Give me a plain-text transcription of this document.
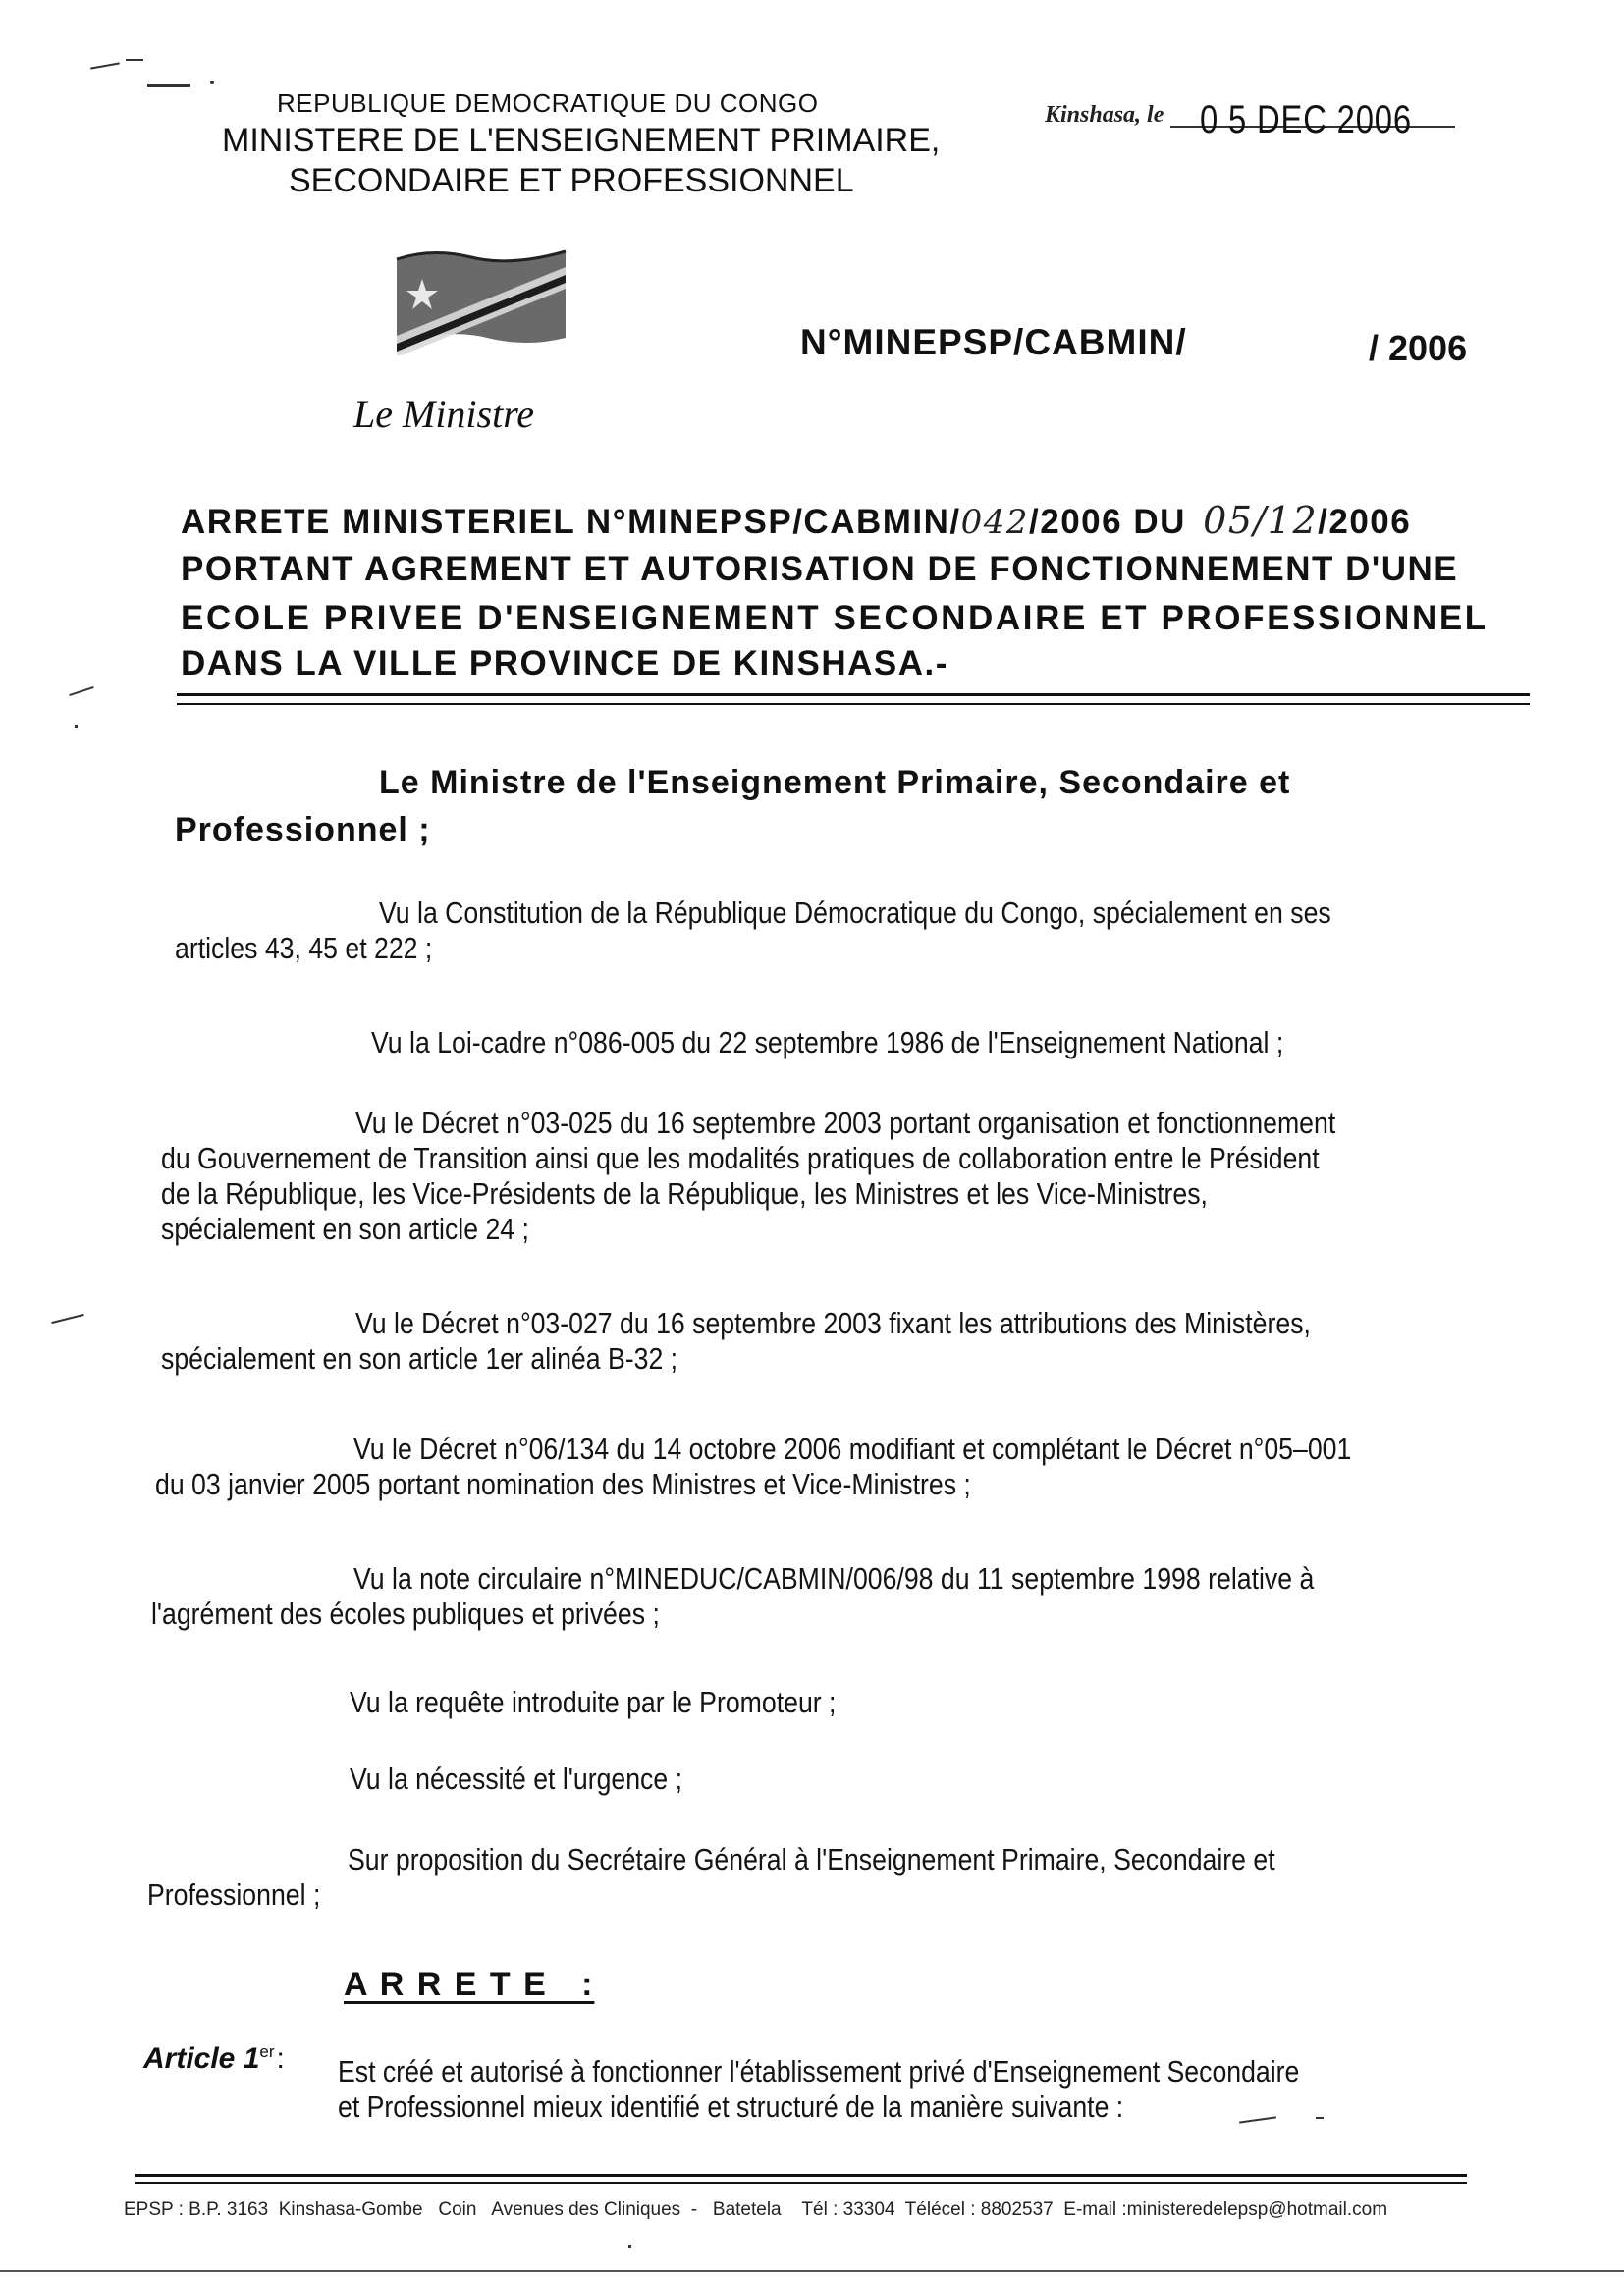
REPUBLIQUE DEMOCRATIQUE DU CONGO
MINISTERE DE L'ENSEIGNEMENT PRIMAIRE,
SECONDAIRE ET PROFESSIONNEL
Kinshasa, le 0 5 DEC 2006
N°MINEPSP/CABMIN/	/ 2006
Le Ministre
ARRETE MINISTERIEL N°MINEPSP/CABMIN/042/2006 DU 05/12/2006
PORTANT AGREMENT ET AUTORISATION DE FONCTIONNEMENT D'UNE
ECOLE PRIVEE D'ENSEIGNEMENT SECONDAIRE ET PROFESSIONNEL
DANS LA VILLE PROVINCE DE KINSHASA.-
Le Ministre de l'Enseignement Primaire, Secondaire et
Professionnel ;
Vu la Constitution de la République Démocratique du Congo, spécialement en ses
articles 43, 45 et 222 ;
Vu la Loi-cadre n°086-005 du 22 septembre 1986 de l'Enseignement National ;
Vu le Décret n°03-025 du 16 septembre 2003 portant organisation et fonctionnement
du Gouvernement de Transition ainsi que les modalités pratiques de collaboration entre le Président
de la République, les Vice-Présidents de la République, les Ministres et les Vice-Ministres,
spécialement en son article 24 ;
Vu le Décret n°03-027 du 16 septembre 2003 fixant les attributions des Ministères,
spécialement en son article 1er alinéa B-32 ;
Vu le Décret n°06/134 du 14 octobre 2006 modifiant et complétant le Décret n°05–001
du 03 janvier 2005 portant nomination des Ministres et Vice-Ministres ;
Vu la note circulaire n°MINEDUC/CABMIN/006/98 du 11 septembre 1998 relative à
l'agrément des écoles publiques et privées ;
Vu la requête introduite par le Promoteur ;
Vu la nécessité et l'urgence ;
Sur proposition du Secrétaire Général à l'Enseignement Primaire, Secondaire et
Professionnel ;
A R R E T E   :
Article 1er: Est créé et autorisé à fonctionner l'établissement privé d'Enseignement Secondaire
et Professionnel mieux identifié et structuré de la manière suivante :
EPSP : B.P. 3163  Kinshasa-Gombe   Coin   Avenues des Cliniques  -   Batetela    Tél : 33304  Télécel : 8802537  E-mail :ministeredelepsp@hotmail.com
